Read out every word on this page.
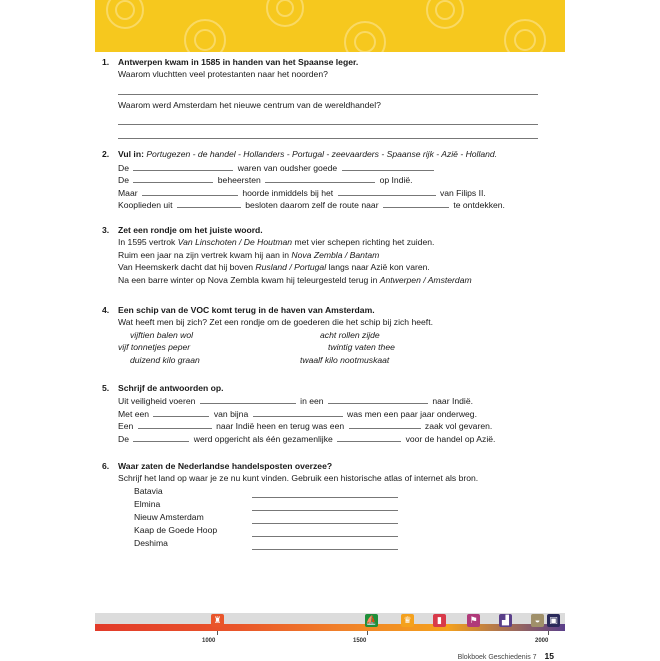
1. Antwerpen kwam in 1585 in handen van het Spaanse leger.
Waarom vluchtten veel protestanten naar het noorden?
Waarom werd Amsterdam het nieuwe centrum van de wereldhandel?
2. Vul in: Portugezen - de handel - Hollanders - Portugal - zeevaarders - Spaanse rijk - Azië - Holland.
De	waren van oudsher goede
De	beheersten	op Indië.
Maar	hoorde inmiddels bij het	van Filips II.
Kooplieden uit	besloten daarom zelf de route naar	te ontdekken.
3. Zet een rondje om het juiste woord.
In 1595 vertrok Van Linschoten / De Houtman met vier schepen richting het zuiden.
Ruim een jaar na zijn vertrek kwam hij aan in Nova Zembla / Bantam
Van Heemskerk dacht dat hij boven Rusland / Portugal langs naar Azië kon varen.
Na een barre winter op Nova Zembla kwam hij teleurgesteld terug in Antwerpen / Amsterdam
4. Een schip van de VOC komt terug in de haven van Amsterdam.
Wat heeft men bij zich? Zet een rondje om de goederen die het schip bij zich heeft.
vijftien balen wol	acht rollen zijde
vijf tonnetjes peper	twintig vaten thee
duizend kilo graan	twaalf kilo nootmuskaat
5. Schrijf de antwoorden op.
Uit veiligheid voeren	in een	naar Indië.
Met een	van bijna	was men een paar jaar onderweg.
Een	naar Indië heen en terug was een	zaak vol gevaren.
De	werd opgericht als één gezamenlijke	voor de handel op Azië.
6. Waar zaten de Nederlandse handelsposten overzee?
Schrijf het land op waar je ze nu kunt vinden. Gebruik een historische atlas of internet als bron.
Batavia
Elmina
Nieuw Amsterdam
Kaap de Goede Hoop
Deshima
♜	⛵	♛	▮	⚑	▟	◒	▣
1000	1500	2000
Blokboek Geschiedenis 7 15
